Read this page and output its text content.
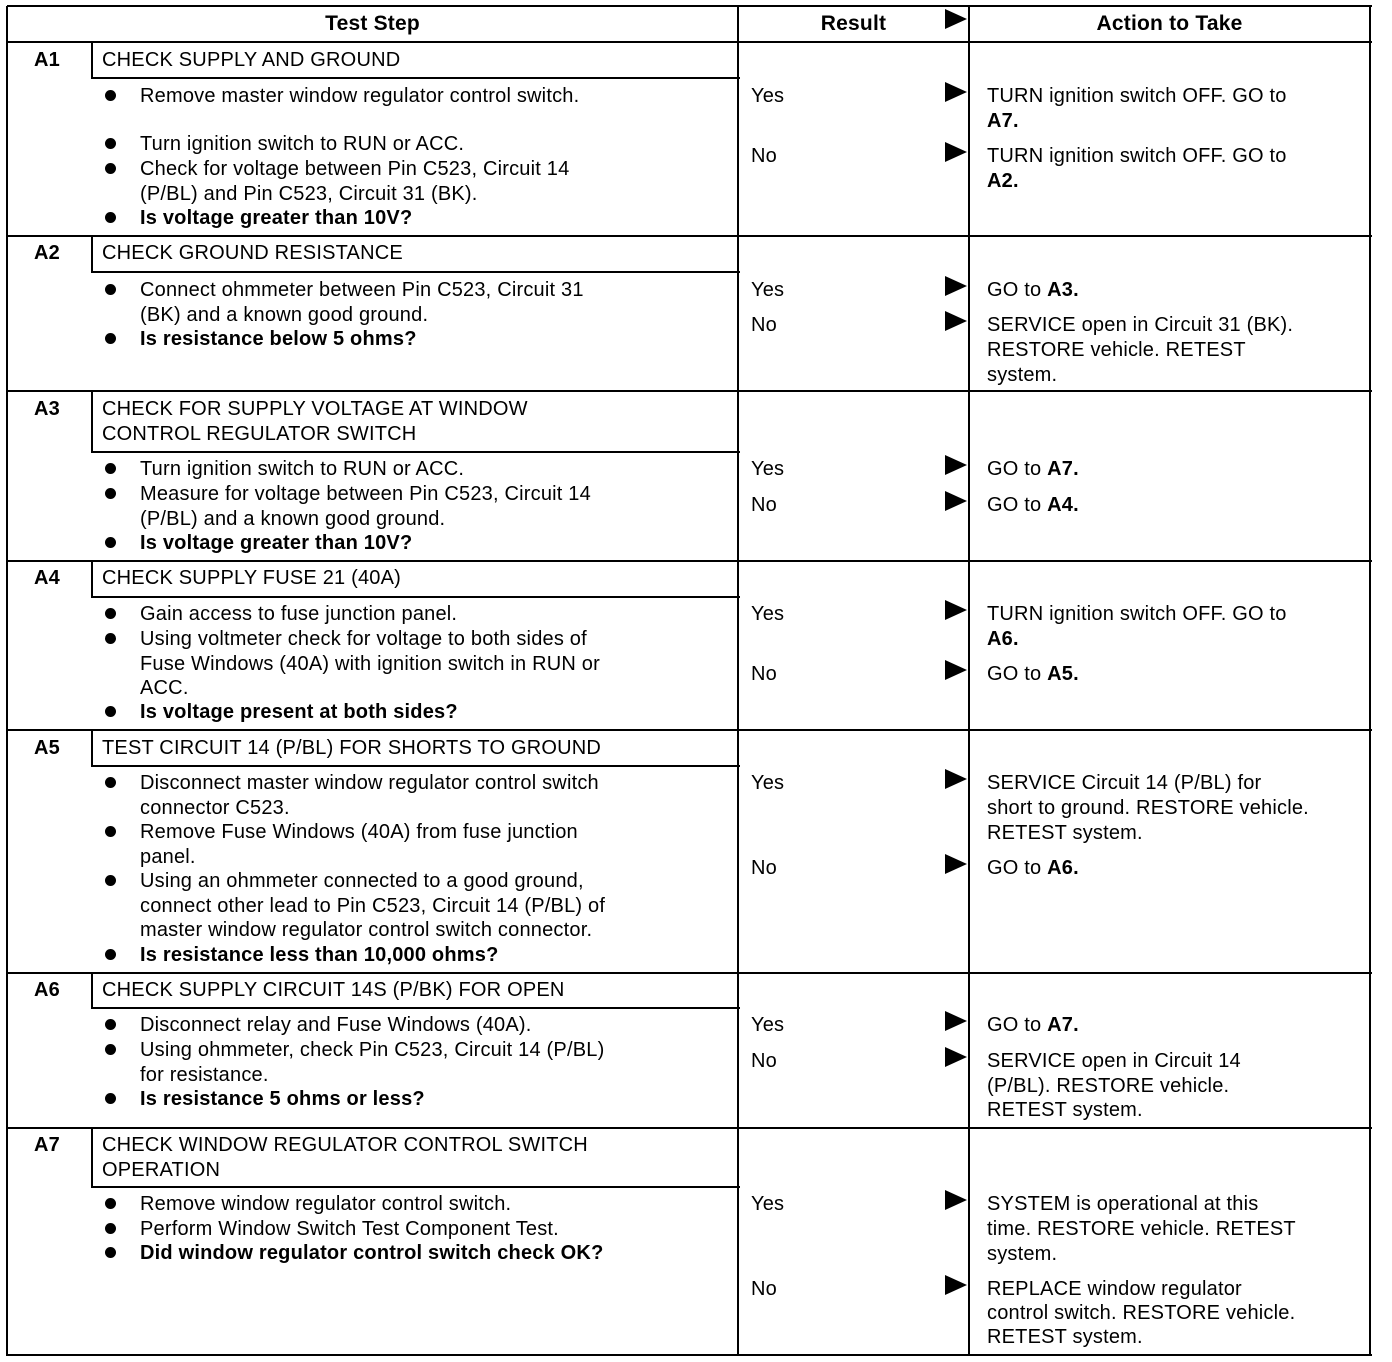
Test Step	Result	Action to Take
A1 CHECK SUPPLY AND GROUND
Remove master window regulator control switch.
Turn ignition switch to RUN or ACC.
Check for voltage between Pin C523, Circuit 14
(P/BL) and Pin C523, Circuit 31 (BK).
Is voltage greater than 10V?
Yes	TURN ignition switch OFF. GO to
A7.
No	TURN ignition switch OFF. GO to
A2.
A2 CHECK GROUND RESISTANCE
Connect ohmmeter between Pin C523, Circuit 31
(BK) and a known good ground.
Is resistance below 5 ohms?
Yes	GO to A3.
No	SERVICE open in Circuit 31 (BK).
RESTORE vehicle. RETEST
system.
A3 CHECK FOR SUPPLY VOLTAGE AT WINDOW
CONTROL REGULATOR SWITCH
Turn ignition switch to RUN or ACC.
Measure for voltage between Pin C523, Circuit 14
(P/BL) and a known good ground.
Is voltage greater than 10V?
Yes	GO to A7.
No	GO to A4.
A4 CHECK SUPPLY FUSE 21 (40A)
Gain access to fuse junction panel.
Using voltmeter check for voltage to both sides of
Fuse Windows (40A) with ignition switch in RUN or
ACC.
Is voltage present at both sides?
Yes	TURN ignition switch OFF. GO to
A6.
No	GO to A5.
A5 TEST CIRCUIT 14 (P/BL) FOR SHORTS TO GROUND
Disconnect master window regulator control switch
connector C523.
Remove Fuse Windows (40A) from fuse junction
panel.
Using an ohmmeter connected to a good ground,
connect other lead to Pin C523, Circuit 14 (P/BL) of
master window regulator control switch connector.
Is resistance less than 10,000 ohms?
Yes	SERVICE Circuit 14 (P/BL) for
short to ground. RESTORE vehicle.
RETEST system.
No	GO to A6.
A6 CHECK SUPPLY CIRCUIT 14S (P/BK) FOR OPEN
Disconnect relay and Fuse Windows (40A).
Using ohmmeter, check Pin C523, Circuit 14 (P/BL)
for resistance.
Is resistance 5 ohms or less?
Yes	GO to A7.
No	SERVICE open in Circuit 14
(P/BL). RESTORE vehicle.
RETEST system.
A7 CHECK WINDOW REGULATOR CONTROL SWITCH
OPERATION
Remove window regulator control switch.
Perform Window Switch Test Component Test.
Did window regulator control switch check OK?
Yes	SYSTEM is operational at this
time. RESTORE vehicle. RETEST
system.
No	REPLACE window regulator
control switch. RESTORE vehicle.
RETEST system.
